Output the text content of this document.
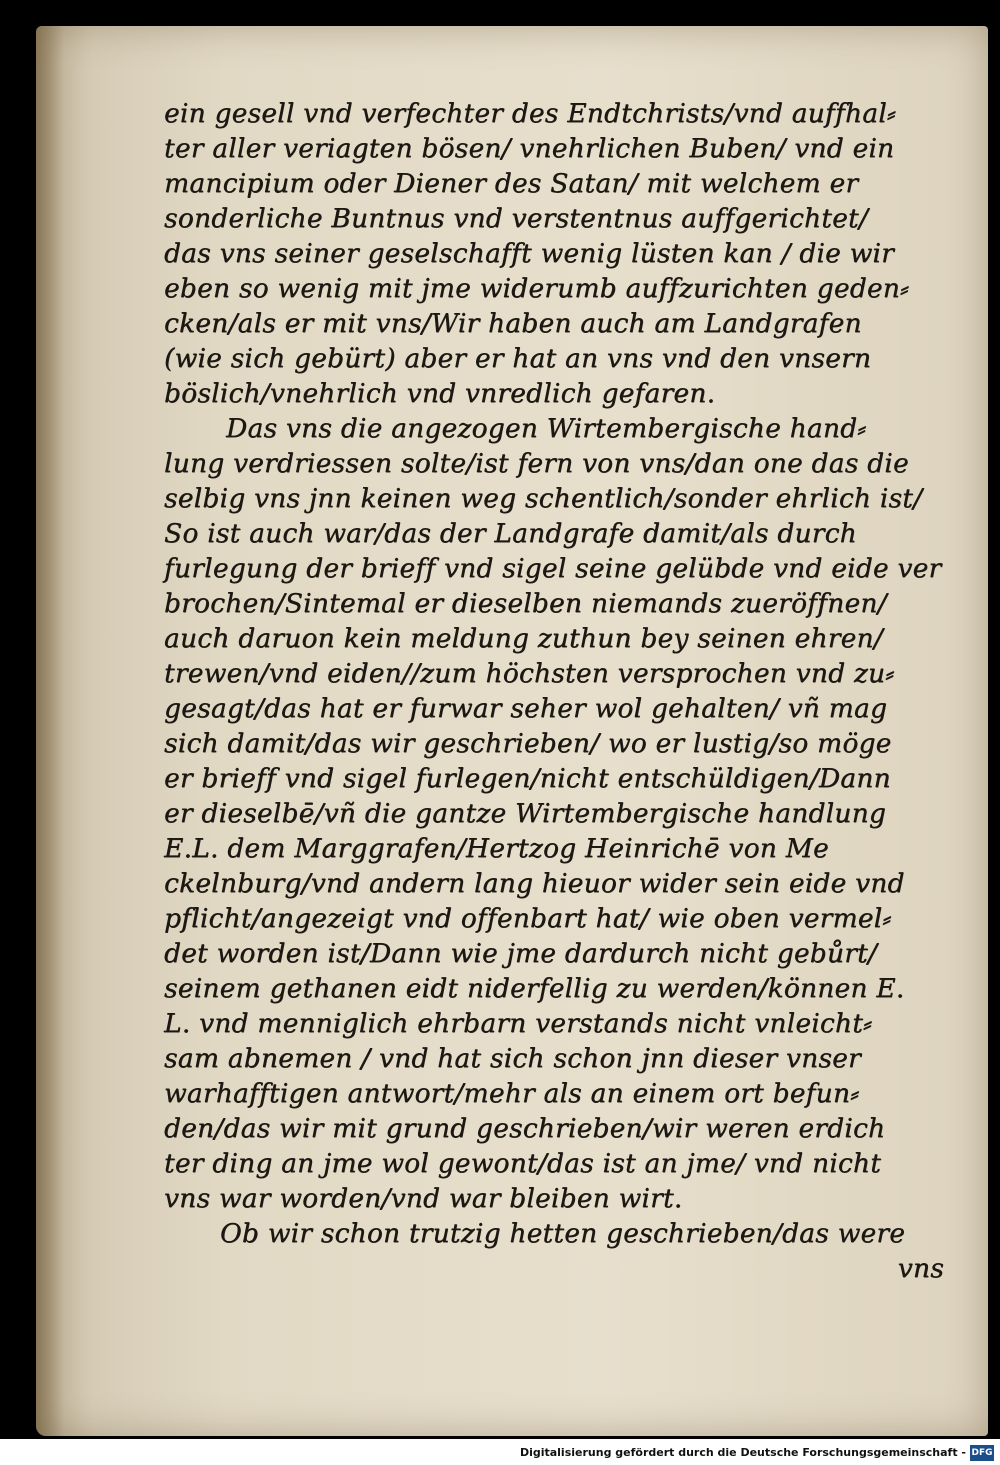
ein gesell vnd verfechter des Endtchrists/vnd auffhal⸗
ter aller veriagten bösen/ vnehrlichen Buben/ vnd ein
mancipium oder Diener des Satan/ mit welchem er
sonderliche Buntnus vnd verstentnus auffgerichtet/
das vns seiner geselschafft wenig lüsten kan / die wir
eben so wenig mit jme widerumb auffzurichten geden⸗
cken/als er mit vns/Wir haben auch am Landgrafen
(wie sich gebürt) aber er hat an vns vnd den vnsern
böslich/vnehrlich vnd vnredlich gefaren.
Das vns die angezogen Wirtembergische hand⸗
lung verdriessen solte/ist fern von vns/dan one das die
selbig vns jnn keinen weg schentlich/sonder ehrlich ist/
So ist auch war/das der Landgrafe damit/als durch
furlegung der brieff vnd sigel seine gelübde vnd eide ver
brochen/Sintemal er dieselben niemands zueröffnen/
auch daruon kein meldung zuthun bey seinen ehren/
trewen/vnd eiden//zum höchsten versprochen vnd zu⸗
gesagt/das hat er furwar seher wol gehalten/ vñ mag
sich damit/das wir geschrieben/ wo er lustig/so möge
er brieff vnd sigel furlegen/nicht entschüldigen/Dann
er dieselbē/vñ die gantze Wirtembergische handlung
E.L. dem Marggrafen/Hertzog Heinrichē von Me
ckelnburg/vnd andern lang hieuor wider sein eide vnd
pflicht/angezeigt vnd offenbart hat/ wie oben vermel⸗
det worden ist/Dann wie jme dardurch nicht gebůrt/
seinem gethanen eidt niderfellig zu werden/können E.
L. vnd menniglich ehrbarn verstands nicht vnleicht⸗
sam abnemen / vnd hat sich schon jnn dieser vnser
warhafftigen antwort/mehr als an einem ort befun⸗
den/das wir mit grund geschrieben/wir weren erdich
ter ding an jme wol gewont/das ist an jme/ vnd nicht
vns war worden/vnd war bleiben wirt.
Ob wir schon trutzig hetten geschrieben/das were
vns
Digitalisierung gefördert durch die Deutsche Forschungsgemeinschaft - DFG
